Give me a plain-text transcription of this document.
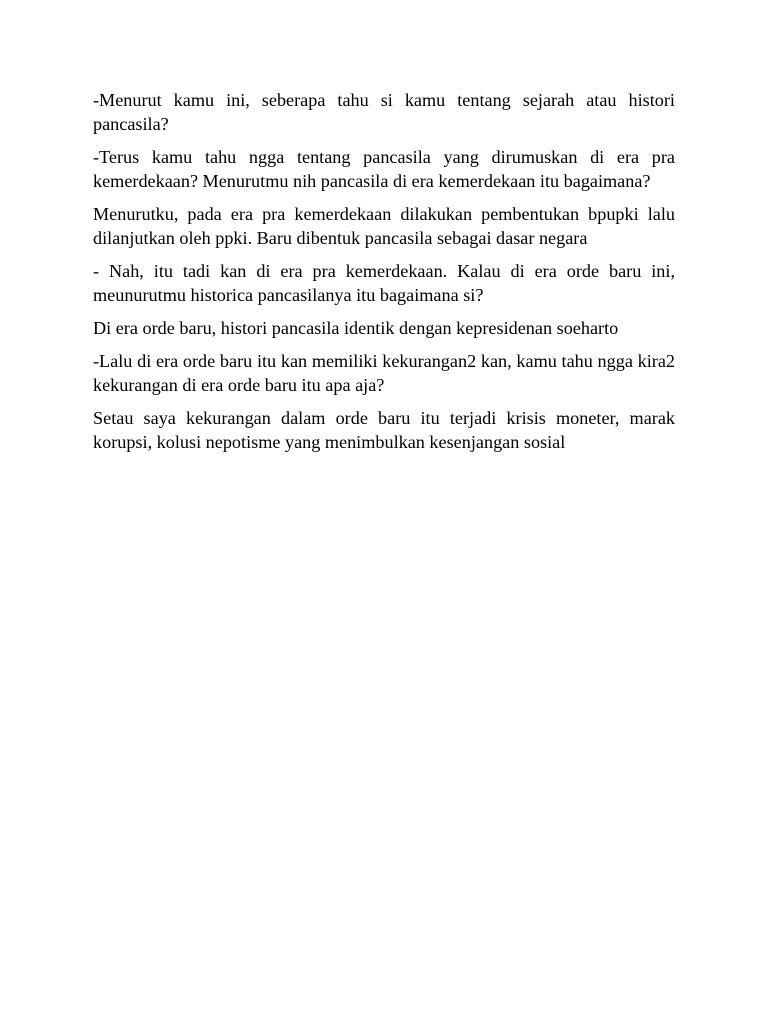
-Menurut kamu ini, seberapa tahu si kamu tentang sejarah atau histori pancasila?

-Terus kamu tahu ngga tentang pancasila yang dirumuskan di era pra kemerdekaan? Menurutmu nih pancasila di era kemerdekaan itu bagaimana?

Menurutku, pada era pra kemerdekaan dilakukan pembentukan bpupki lalu dilanjutkan oleh ppki. Baru dibentuk pancasila sebagai dasar negara

- Nah, itu tadi kan di era pra kemerdekaan. Kalau di era orde baru ini, meunurutmu historica pancasilanya itu bagaimana si?

Di era orde baru, histori pancasila identik dengan kepresidenan soeharto

-Lalu di era orde baru itu kan memiliki kekurangan2 kan, kamu tahu ngga kira2 kekurangan di era orde baru itu apa aja?

Setau saya kekurangan dalam orde baru itu terjadi krisis moneter, marak korupsi, kolusi nepotisme yang menimbulkan kesenjangan sosial
